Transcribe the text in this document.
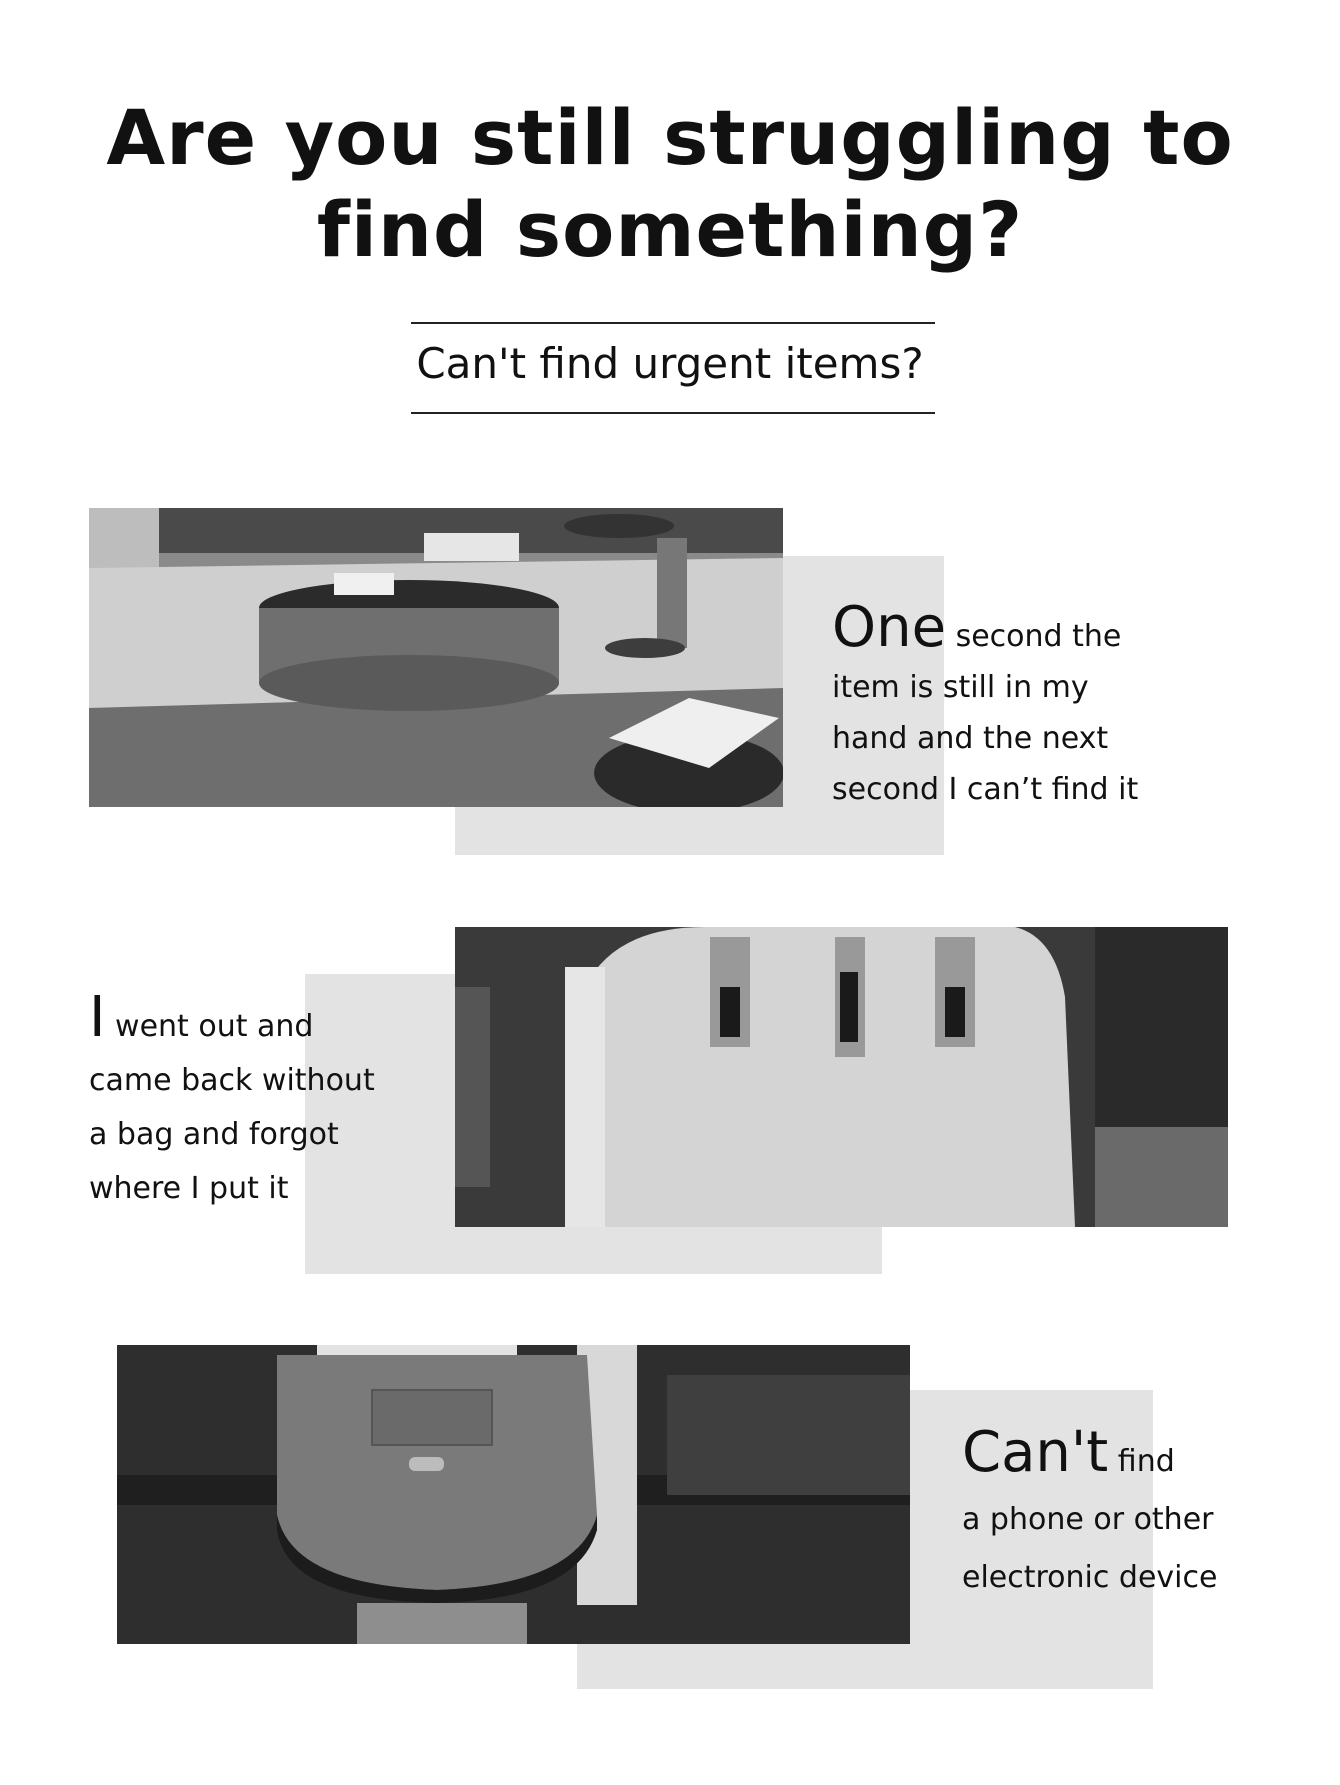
Are you still struggling to
find something?
Can't find urgent items?
One second the
item is still in my
hand and the next
second I can’t find it
I went out and
came back without
a bag and forgot
where I put it
Can't find
a phone or other
electronic device
